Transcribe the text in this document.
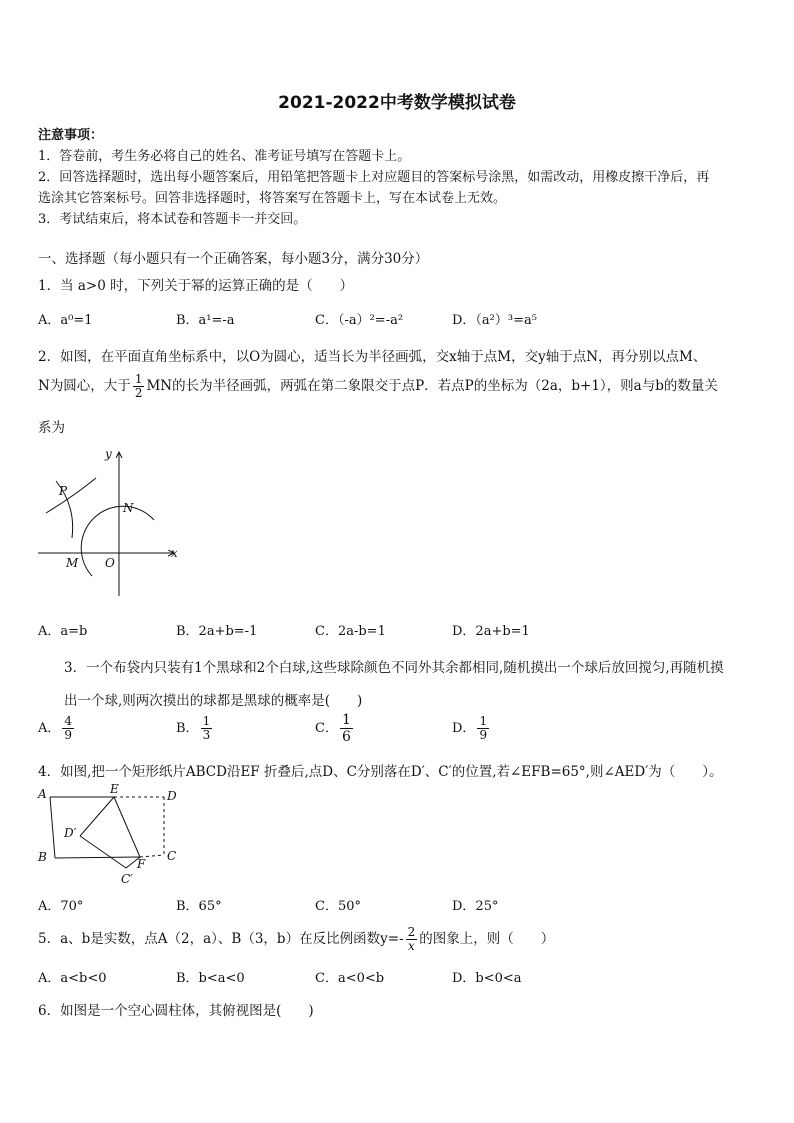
2021-2022中考数学模拟试卷
注意事项：
1．答卷前，考生务必将自己的姓名、准考证号填写在答题卡上。
2．回答选择题时，选出每小题答案后，用铅笔把答题卡上对应题目的答案标号涂黑，如需改动，用橡皮擦干净后，再
选涂其它答案标号。回答非选择题时，将答案写在答题卡上，写在本试卷上无效。
3．考试结束后，将本试卷和答题卡一并交回。
一、选择题（每小题只有一个正确答案，每小题3分，满分30分）
1．当 a>0 时，下列关于幂的运算正确的是（　　）
A．a⁰=1	B．a¹=-a	C．（-a）²=-a²	D．（a²）³=a⁵
2．如图，在平面直角坐标系中，以O为圆心，适当长为半径画弧，交x轴于点M，交y轴于点N，再分别以点M、
N为圆心，大于 $\frac{1}{2}$ MN的长为半径画弧，两弧在第二象限交于点P．若点P的坐标为（2a，b+1），则a与b的数量关
系为
y
x
P
N
M O
A．a=b	B．2a+b=-1	C．2a-b=1	D．2a+b=1
3．一个布袋内只装有1个黑球和2个白球,这些球除颜色不同外其余都相同,随机摸出一个球后放回搅匀,再随机摸
出一个球,则两次摸出的球都是黑球的概率是(　　)
A． $\frac{4}{9}$	B． $\frac{1}{3}$	C． $\frac{1}{6}$	D． $\frac{1}{9}$
4．如图,把一个矩形纸片ABCD沿EF 折叠后,点D、C分别落在D′、C′的位置,若∠EFB=65°,则∠AED′为（　　）。
A	E	D
D′
B	F
C
C′
A．70°	B．65°	C．50°	D．25°
5．a、b是实数，点A（2，a）、B（3，b）在反比例函数$y=- \frac{2}{x}$ 的图象上，则（　　）
A．a<b<0	B．b<a<0	C．a<0<b	D．b<0<a
6．如图是一个空心圆柱体，其俯视图是(　　)
